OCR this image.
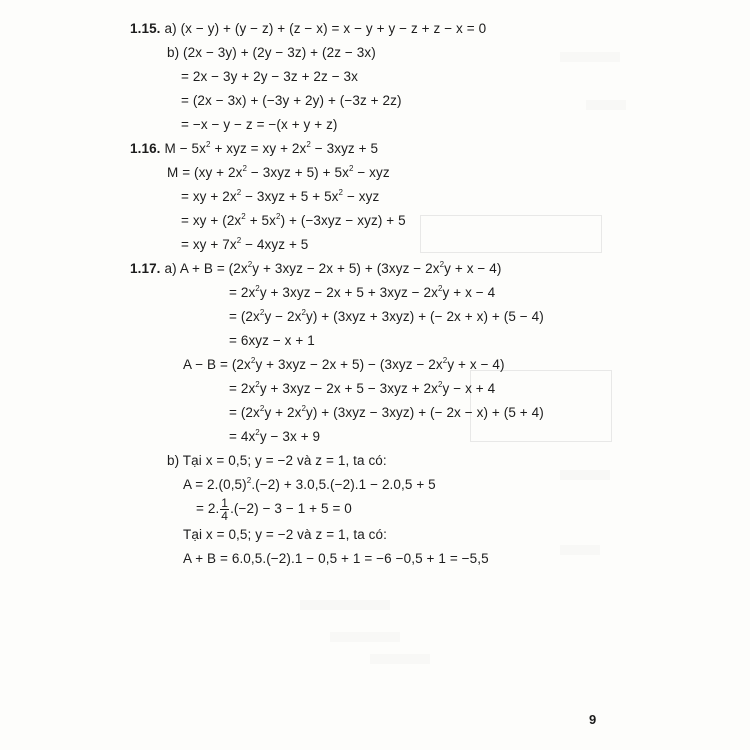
1.15. a) (x − y) + (y − z) + (z − x) = x − y + y − z + z − x = 0
b) (2x − 3y) + (2y − 3z) + (2z − 3x)
= 2x − 3y + 2y − 3z + 2z − 3x
= (2x − 3x) + (−3y + 2y) + (−3z + 2z)
= −x − y − z = −(x + y + z)
1.16. $M - 5x^2$ + xyz = xy + $2x^2 - 3xyz + 5$
$M = (xy + 2x^2 - 3xyz + 5) + 5x^2$ − xyz
= xy + $2x^2 - 3xyz + 5 + 5x^2$ − xyz
= xy + $(2x^2 + 5x^2) + (-3xyz - xyz) + 5$
= xy + $7x^2 - 4xyz + 5$
1.17. a) $A + B = (2x^2y + 3xyz - 2x + 5) + (3xyz - 2x^2y + x - 4)$
= $2x^2y + 3xyz - 2x + 5 + 3xyz - 2x^2y + x - 4$
= $(2x^2y - 2x^2y) + (3xyz + 3xyz)$ + (− 2x + x) + (5 − 4)
= 6xyz − x + 1
$A - B = (2x^2y + 3xyz - 2x + 5) - (3xyz - 2x^2y + x - 4)$
= $2x^2y + 3xyz - 2x + 5 - 3xyz + 2x^2y - x + 4$
= $(2x^2y + 2x^2y) + (3xyz - 3xyz)$ + (− 2x − x) + (5 + 4)
= $4x^2y - 3x + 9$
b) Tại x = 0,5; y = −2 và z = 1, ta có:
$A = 2.(0,5)^2.(-2) + 3.0,5.(-2).1 - 2.0,5 + 5$
= 2. $\frac{1}{4} .(-2) - 3 - 1 + 5 = 0$
Tại x = 0,5; y = −2 và z = 1, ta có:
A + B = 6.0,5.(−2).1 − 0,5 + 1 = −6 −0,5 + 1 = −5,5
9
